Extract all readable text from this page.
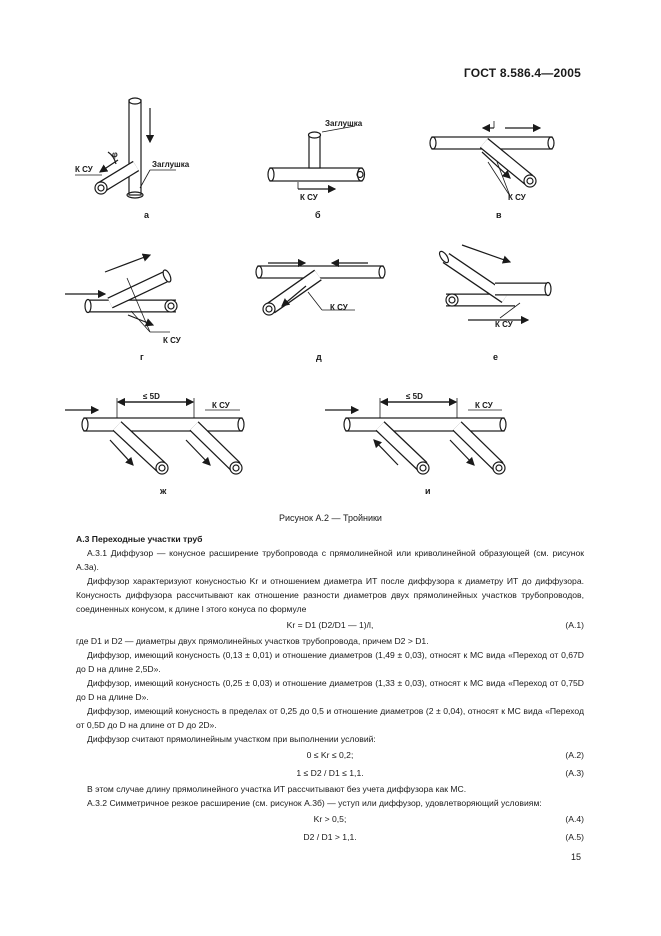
ГОСТ 8.586.4—2005
φ
К СУ
Заглушка
а
Заглушка
К СУ
б
К СУ
в
К СУ
г
К СУ
д
К СУ
е
≤ 5D
К СУ
ж
≤ 5D
К СУ
и
Рисунок А.2 — Тройники

А.3 Переходные участки труб

А.3.1 Диффузор — конусное расширение трубопровода с прямолинейной или криволинейной образующей (см. рисунок А.3а).

Диффузор характеризуют конусностью Kr и отношением диаметра ИТ после диффузора к диаметру ИТ до диффузора. Конусность диффузора рассчитывают как отношение разности диаметров двух прямолинейных участков трубопроводов, соединенных конусом, к длине l этого конуса по формуле

Kr = D1 (D2/D1 — 1)/l,	(А.1)

где D1 и D2 — диаметры двух прямолинейных участков трубопровода, причем D2 > D1.

Диффузор, имеющий конусность (0,13 ± 0,01) и отношение диаметров (1,49 ± 0,03), относят к МС вида «Переход от 0,67D до D на длине 2,5D».

Диффузор, имеющий конусность (0,25 ± 0,03) и отношение диаметров (1,33 ± 0,03), относят к МС вида «Переход от 0,75D до D на длине D».

Диффузор, имеющий конусность в пределах от 0,25 до 0,5 и отношение диаметров (2 ± 0,04), относят к МС вида «Переход от 0,5D до D на длине от D до 2D».

Диффузор считают прямолинейным участком при выполнении условий:

0 ≤ Kr ≤ 0,2;	(А.2)
1 ≤ D2 / D1 ≤ 1,1.	(А.3)

В этом случае длину прямолинейного участка ИТ рассчитывают без учета диффузора как МС.

А.3.2 Симметричное резкое расширение (см. рисунок А.3б) — уступ или диффузор, удовлетворяющий условиям:

Kr > 0,5;	(А.4)
D2 / D1 > 1,1.	(А.5)
15
